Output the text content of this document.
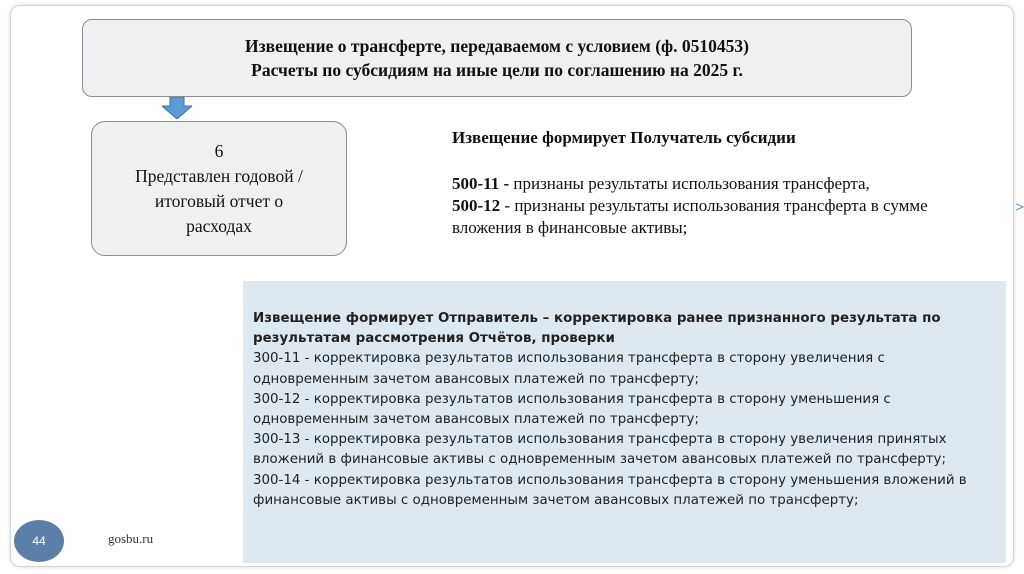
Извещение о трансферте, передаваемом с условием (ф. 0510453)
Расчеты по субсидиям на иные цели по соглашению на 2025 г.
6
Представлен годовой /
итоговый отчет о
расходах
Извещение формирует Получатель субсидии
500-11 - признаны результаты использования трансферта,
500-12 - признаны результаты использования трансферта в сумме вложения в финансовые активы;
Извещение формирует Отправитель – корректировка ранее признанного результата по результатам рассмотрения Отчётов, проверки
300-11 - корректировка результатов использования трансферта в сторону увеличения с одновременным зачетом авансовых платежей по трансферту;
300-12 - корректировка результатов использования трансферта в сторону уменьшения с одновременным зачетом авансовых платежей по трансферту;
300-13 - корректировка результатов использования трансферта в сторону увеличения принятых вложений в финансовые активы с одновременным зачетом авансовых платежей по трансферту;
300-14 - корректировка результатов использования трансферта в сторону уменьшения вложений в финансовые активы с одновременным зачетом авансовых платежей по трансферту;
44	gosbu.ru
